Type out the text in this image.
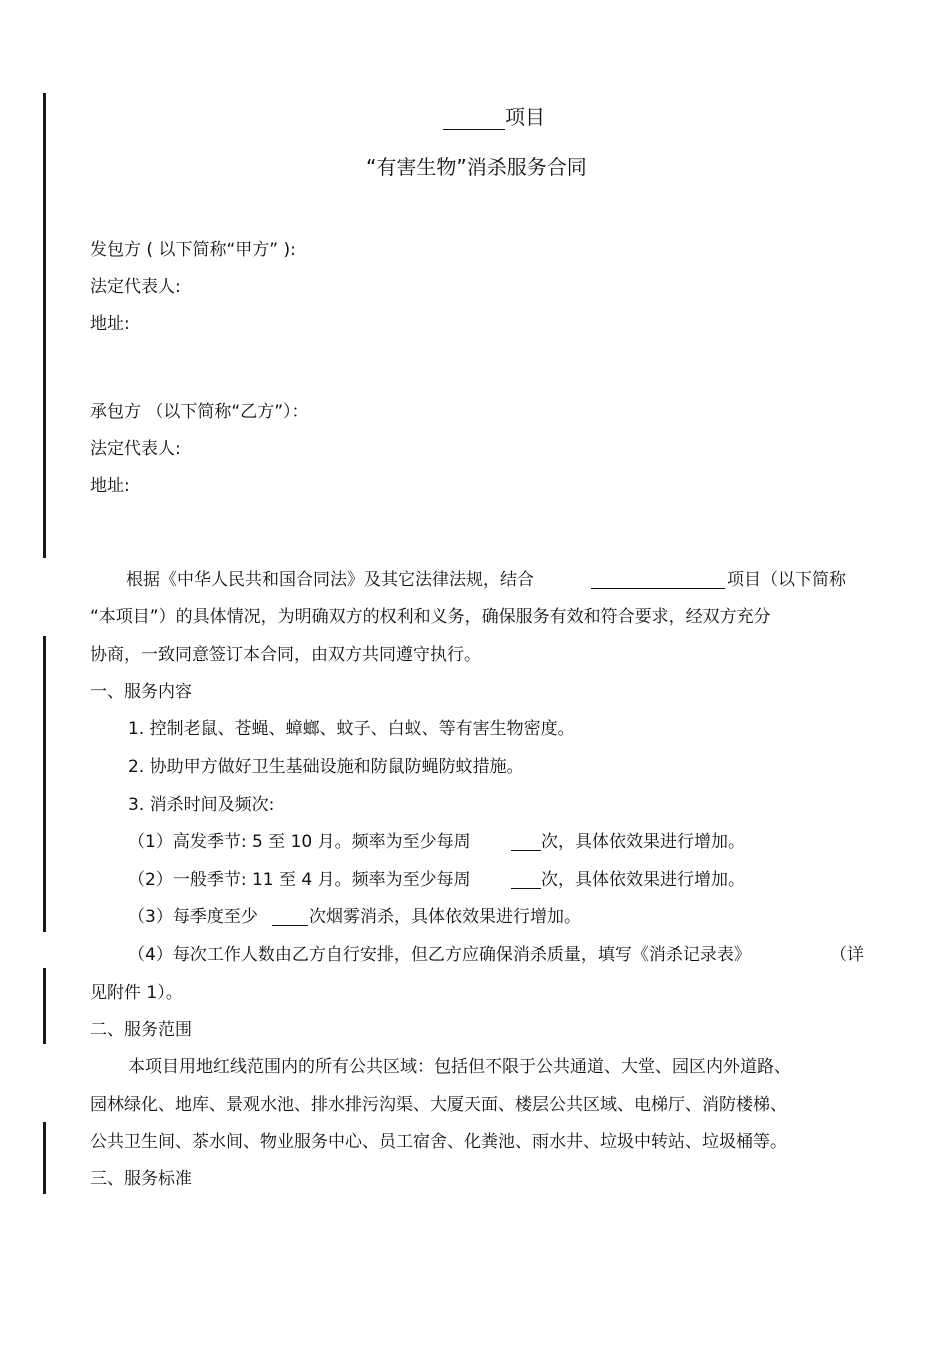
项目
“有害生物”消杀服务合同
发包方 ( 以下简称“甲方” ):
法定代表人:
地址:
承包方 （以下简称“乙方”）：
法定代表人:
地址:
根据《中华人民共和国合同法》及其它法律法规，结合	项目（以下简称
“本项目”）的具体情况，为明确双方的权利和义务，确保服务有效和符合要求，经双方充分
协商，一致同意签订本合同，由双方共同遵守执行。
一、服务内容
1. 控制老鼠、苍蝇、蟑螂、蚊子、白蚁、等有害生物密度。
2. 协助甲方做好卫生基础设施和防鼠防蝇防蚊措施。
3. 消杀时间及频次:
（1）高发季节: 5 至 10 月。频率为至少每周	次，具体依效果进行增加。
（2）一般季节: 11 至 4 月。频率为至少每周	次，具体依效果进行增加。
（3）每季度至少	次烟雾消杀，具体依效果进行增加。
（4）每次工作人数由乙方自行安排，但乙方应确保消杀质量，填写《消杀记录表》	（详
见附件 1）。
二、服务范围
本项目用地红线范围内的所有公共区域：包括但不限于公共通道、大堂、园区内外道路、
园林绿化、地库、景观水池、排水排污沟渠、大厦天面、楼层公共区域、电梯厅、消防楼梯、
公共卫生间、茶水间、物业服务中心、员工宿舍、化粪池、雨水井、垃圾中转站、垃圾桶等。
三、服务标准
